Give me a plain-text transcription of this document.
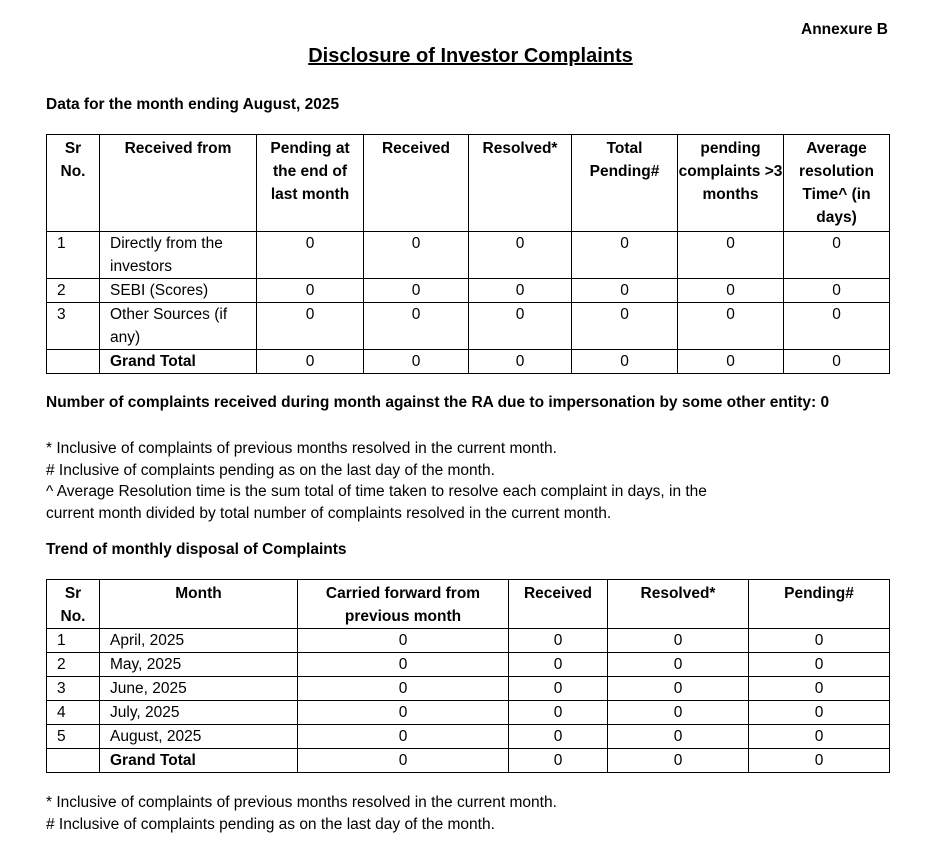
Annexure B
Disclosure of Investor Complaints
Data for the month ending August, 2025
Sr No.	Received from	Pending at the end of last month	Received	Resolved*	Total Pending#	pending complaints >3 months	Average resolution Time^ (in days)
1	Directly from the investors	0	0	0	0	0	0
2	SEBI (Scores)	0	0	0	0	0	0
3	Other Sources (if any)	0	0	0	0	0	0
	Grand Total	0	0	0	0	0	0
Number of complaints received during month against the RA due to impersonation by some other entity: 0
* Inclusive of complaints of previous months resolved in the current month.
# Inclusive of complaints pending as on the last day of the month.
^ Average Resolution time is the sum total of time taken to resolve each complaint in days, in the
current month divided by total number of complaints resolved in the current month.
Trend of monthly disposal of Complaints
Sr No.	Month	Carried forward from previous month	Received	Resolved*	Pending#
1	April, 2025	0	0	0	0
2	May, 2025	0	0	0	0
3	June, 2025	0	0	0	0
4	July, 2025	0	0	0	0
5	August, 2025	0	0	0	0
	Grand Total	0	0	0	0
* Inclusive of complaints of previous months resolved in the current month.
# Inclusive of complaints pending as on the last day of the month.
